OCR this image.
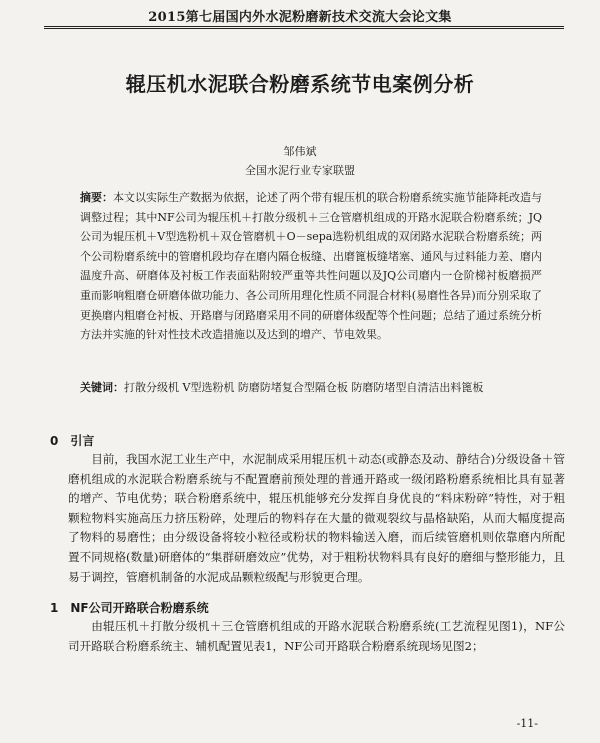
2015第七届国内外水泥粉磨新技术交流大会论文集
辊压机水泥联合粉磨系统节电案例分析
邹伟斌
全国水泥行业专家联盟
摘要：本文以实际生产数据为依据，论述了两个带有辊压机的联合粉磨系统实施节能降耗改造与调整过程；其中NF公司为辊压机＋打散分级机＋三仓管磨机组成的开路水泥联合粉磨系统；JQ公司为辊压机＋V型选粉机＋双仓管磨机＋O－sepa选粉机组成的双闭路水泥联合粉磨系统；两个公司粉磨系统中的管磨机段均存在磨内隔仓板缝、出磨篦板缝堵塞、通风与过料能力差、磨内温度升高、研磨体及衬板工作表面粘附较严重等共性问题以及JQ公司磨内一仓阶梯衬板磨损严重而影响粗磨仓研磨体做功能力、各公司所用理化性质不同混合材料(易磨性各异)而分别采取了更换磨内粗磨仓衬板、开路磨与闭路磨采用不同的研磨体级配等个性问题；总结了通过系统分析方法并实施的针对性技术改造措施以及达到的增产、节电效果。
关键词：打散分级机 V型选粉机 防磨防堵复合型隔仓板 防磨防堵型自清洁出料篦板
0　引言
目前，我国水泥工业生产中，水泥制成采用辊压机＋动态(或静态及动、静结合)分级设备＋管磨机组成的水泥联合粉磨系统与不配置磨前预处理的普通开路或一级闭路粉磨系统相比具有显著的增产、节电优势；联合粉磨系统中，辊压机能够充分发挥自身优良的“料床粉碎”特性，对于粗颗粒物料实施高压力挤压粉碎，处理后的物料存在大量的微观裂纹与晶格缺陷，从而大幅度提高了物料的易磨性；由分级设备将较小粒径或粉状的物料输送入磨，而后续管磨机则依靠磨内所配置不同规格(数量)研磨体的“集群研磨效应”优势，对于粗粉状物料具有良好的磨细与整形能力，且易于调控，管磨机制备的水泥成品颗粒级配与形貌更合理。
1　NF公司开路联合粉磨系统
由辊压机＋打散分级机＋三仓管磨机组成的开路水泥联合粉磨系统(工艺流程见图1)，NF公司开路联合粉磨系统主、辅机配置见表1，NF公司开路联合粉磨系统现场见图2；
-11-
